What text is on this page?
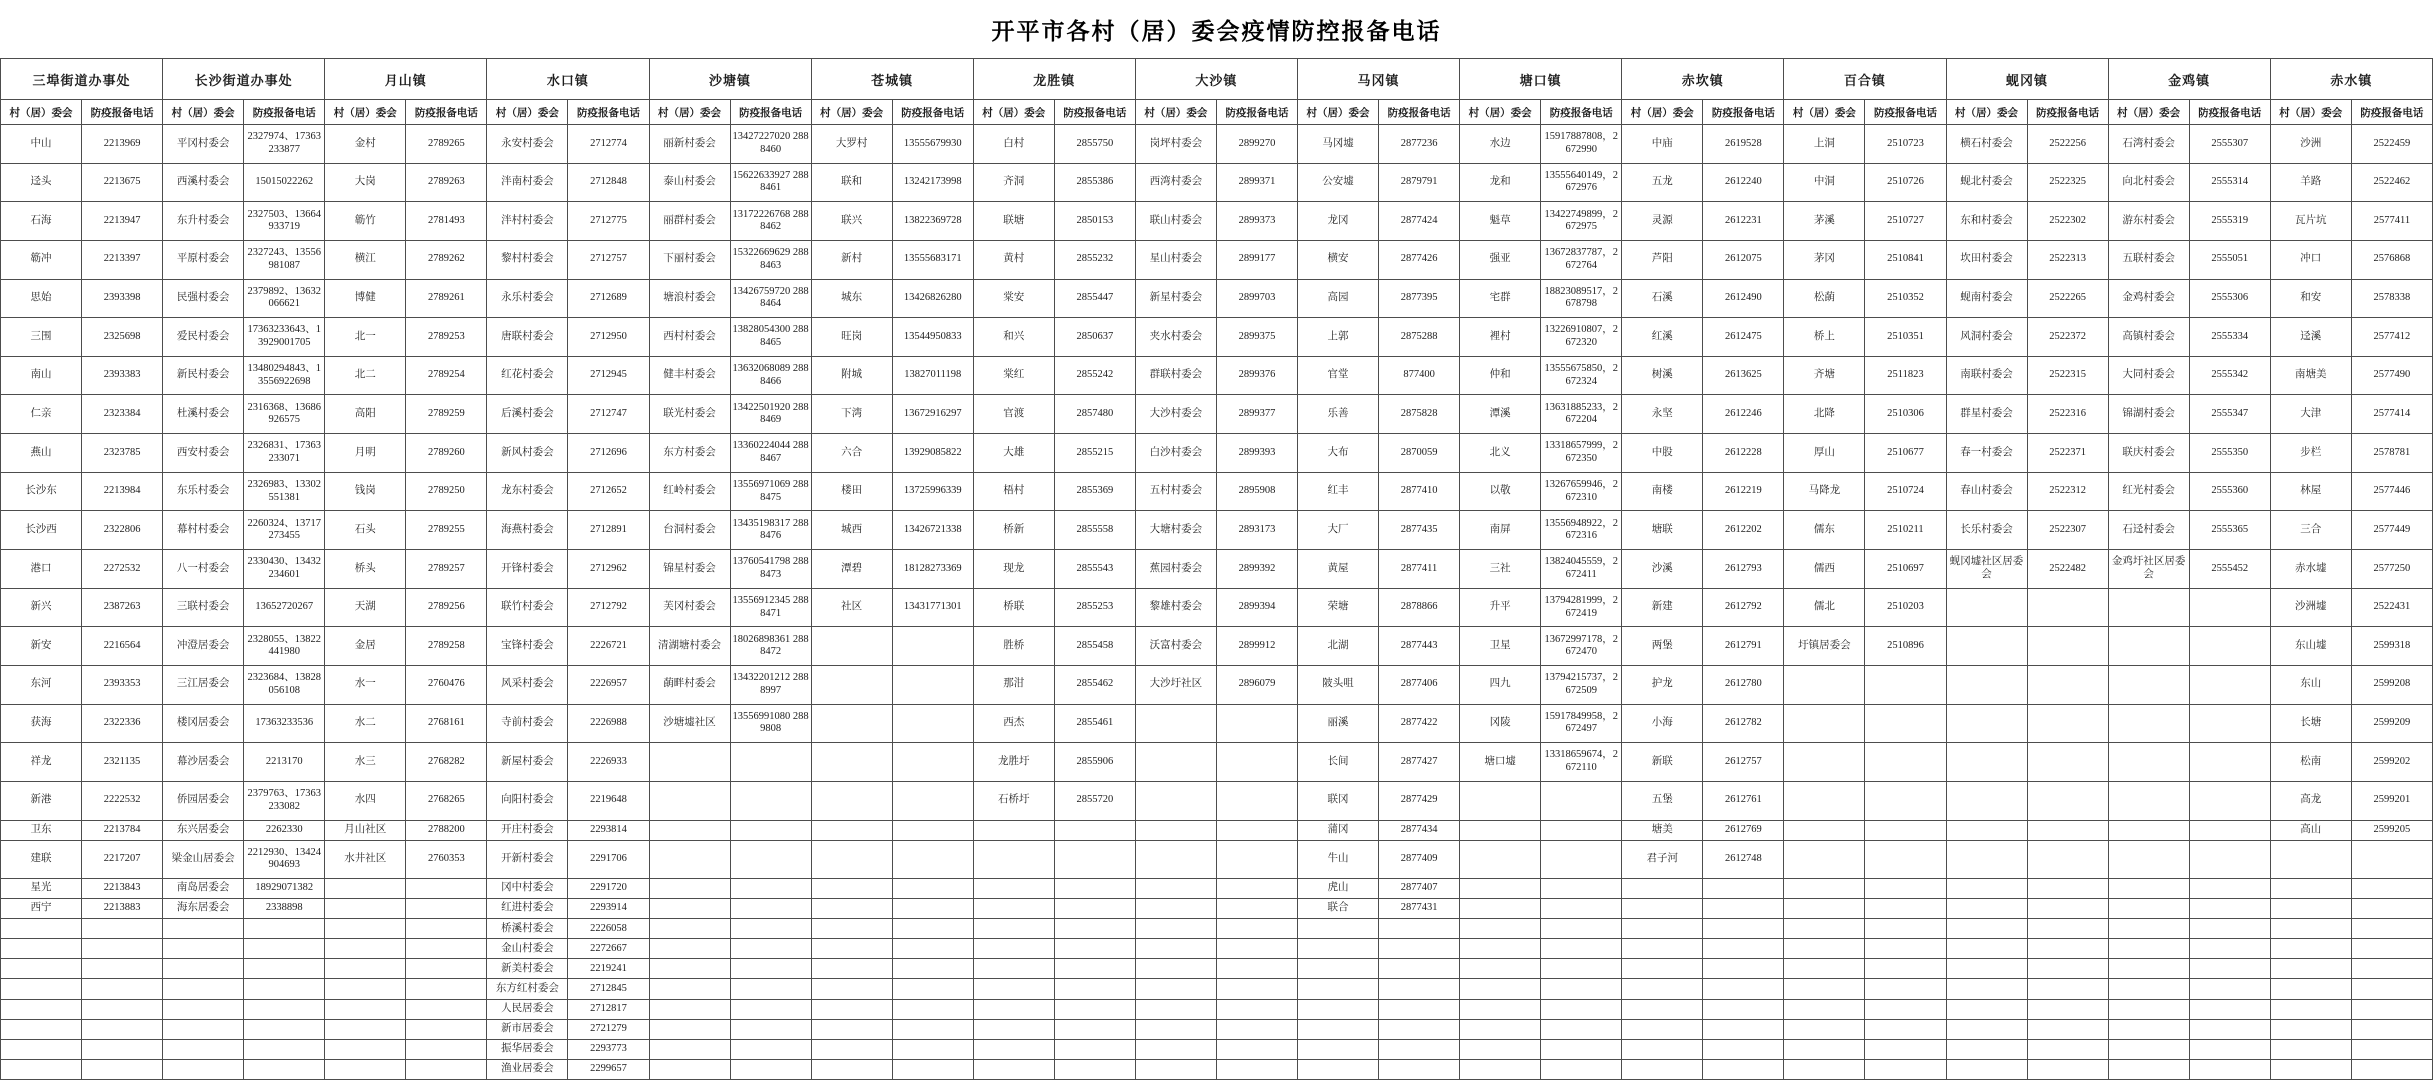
开平市各村（居）委会疫情防控报备电话
三埠街道办事处		长沙街道办事处		月山镇		水口镇		沙塘镇		苍城镇		龙胜镇		大沙镇		马冈镇		塘口镇		赤坎镇		百合镇		蚬冈镇		金鸡镇		赤水镇	
村（居）委会	防疫报备电话	村（居）委会	防疫报备电话	村（居）委会	防疫报备电话	村（居）委会	防疫报备电话	村（居）委会	防疫报备电话	村（居）委会	防疫报备电话	村（居）委会	防疫报备电话	村（居）委会	防疫报备电话	村（居）委会	防疫报备电话	村（居）委会	防疫报备电话	村（居）委会	防疫报备电话	村（居）委会	防疫报备电话	村（居）委会	防疫报备电话	村（居）委会	防疫报备电话	村（居）委会	防疫报备电话
中山	2213969	平冈村委会	2327974、17363233877	金村	2789265	永安村委会	2712774	丽新村委会	13427227020 2888460	大罗村	13555679930	白村	2855750	岗坪村委会	2899270	马冈墟	2877236	水边	15917887808，2672990	中庙	2619528	上洞	2510723	横石村委会	2522256	石湾村委会	2555307	沙洲	2522459
迳头	2213675	西溪村委会	15015022262	大岗	2789263	泮南村委会	2712848	泰山村委会	15622633927 2888461	联和	13242173998	齐洞	2855386	西湾村委会	2899371	公安墟	2879791	龙和	13555640149，2672976	五龙	2612240	中洞	2510726	蚬北村委会	2522325	向北村委会	2555314	羊路	2522462
石海	2213947	东升村委会	2327503、13664933719	簕竹	2781493	泮村村委会	2712775	丽群村委会	13172226768 2888462	联兴	13822369728	联塘	2850153	联山村委会	2899373	龙冈	2877424	魁草	13422749899，2672975	灵源	2612231	茅溪	2510727	东和村委会	2522302	游东村委会	2555319	瓦片坑	2577411
簕冲	2213397	平原村委会	2327243、13556981087	横江	2789262	黎村村委会	2712757	下丽村委会	15322669629 2888463	新村	13555683171	黄村	2855232	星山村委会	2899177	横安	2877426	强亚	13672837787，2672764	芦阳	2612075	茅冈	2510841	坎田村委会	2522313	五联村委会	2555051	冲口	2576868
思始	2393398	民强村委会	2379892、13632066621	博健	2789261	永乐村委会	2712689	塘浪村委会	13426759720 2888464	城东	13426826280	棠安	2855447	新星村委会	2899703	高园	2877395	宅群	18823089517，2678798	石溪	2612490	松蓢	2510352	蚬南村委会	2522265	金鸡村委会	2555306	和安	2578338
三围	2325698	爱民村委会	17363233643、13929001705	北一	2789253	唐联村委会	2712950	西村村委会	13828054300 2888465	旺岗	13544950833	和兴	2850637	夹水村委会	2899375	上郭	2875288	裡村	13226910807，2672320	红溪	2612475	桥上	2510351	风洞村委会	2522372	高镇村委会	2555334	迳溪	2577412
南山	2393383	新民村委会	13480294843、13556922698	北二	2789254	红花村委会	2712945	健丰村委会	13632068089 2888466	附城	13827011198	棠红	2855242	群联村委会	2899376	官堂	877400	仲和	13555675850，2672324	树溪	2613625	齐塘	2511823	南联村委会	2522315	大同村委会	2555342	南塘美	2577490
仁亲	2323384	杜溪村委会	2316368、13686926575	高阳	2789259	后溪村委会	2712747	联光村委会	13422501920 2888469	下湾	13672916297	官渡	2857480	大沙村委会	2899377	乐善	2875828	潭溪	13631885233，2672204	永坚	2612246	北降	2510306	群星村委会	2522316	锦湖村委会	2555347	大津	2577414
燕山	2323785	西安村委会	2326831、17363233071	月明	2789260	新风村委会	2712696	东方村委会	13360224044 2888467	六合	13929085822	大雄	2855215	白沙村委会	2899393	大布	2870059	北义	13318657999，2672350	中股	2612228	厚山	2510677	春一村委会	2522371	联庆村委会	2555350	步栏	2578781
长沙东	2213984	东乐村委会	2326983、13302551381	钱岗	2789250	龙东村委会	2712652	红岭村委会	13556971069 2888475	楼田	13725996339	梧村	2855369	五村村委会	2895908	红丰	2877410	以敬	13267659946，2672310	南楼	2612219	马降龙	2510724	春山村委会	2522312	红光村委会	2555360	林屋	2577446
长沙西	2322806	幕村村委会	2260324、13717273455	石头	2789255	海燕村委会	2712891	台洞村委会	13435198317 2888476	城西	13426721338	桥新	2855558	大塘村委会	2893173	大厂	2877435	南屏	13556948922，2672316	塘联	2612202	儒东	2510211	长乐村委会	2522307	石迳村委会	2555365	三合	2577449
港口	2272532	八一村委会	2330430、13432234601	桥头	2789257	开锋村委会	2712962	锦星村委会	13760541798 2888473	潭碧	18128273369	现龙	2855543	蕉园村委会	2899392	黄屋	2877411	三社	13824045559，2672411	沙溪	2612793	儒西	2510697	蚬冈墟社区居委会	2522482	金鸡圩社区居委会	2555452	赤水墟	2577250
新兴	2387263	三联村委会	13652720267	天湖	2789256	联竹村委会	2712792	芙冈村委会	13556912345 2888471	社区	13431771301	桥联	2855253	黎雄村委会	2899394	荣塘	2878866	升平	13794281999，2672419	新建	2612792	儒北	2510203					沙洲墟	2522431
新安	2216564	冲澄居委会	2328055、13822441980	金居	2789258	宝锋村委会	2226721	清湖塘村委会	18026898361 2888472			胜桥	2855458	沃富村委会	2899912	北湖	2877443	卫星	13672997178，2672470	两堡	2612791	圩镇居委会	2510896					东山墟	2599318
东河	2393353	三江居委会	2323684、13828056108	水一	2760476	风采村委会	2226957	蓢畔村委会	13432201212 2888997			那泔	2855462	大沙圩社区	2896079	陂头咀	2877406	四九	13794215737，2672509	护龙	2612780							东山	2599208
获海	2322336	楼冈居委会	17363233536	水二	2768161	寺前村委会	2226988	沙塘墟社区	13556991080 2889808			西杰	2855461			丽溪	2877422	冈陵	15917849958，2672497	小海	2612782							长塘	2599209
祥龙	2321135	幕沙居委会	2213170	水三	2768282	新屋村委会	2226933					龙胜圩	2855906			长间	2877427	塘口墟	13318659674，2672110	新联	2612757							松南	2599202
新港	2222532	侨园居委会	2379763、17363233082	水四	2768265	向阳村委会	2219648					石桥圩	2855720			联冈	2877429			五堡	2612761							高龙	2599201
卫东	2213784	东兴居委会	2262330	月山社区	2788200	开庄村委会	2293814									蒲冈	2877434			塘美	2612769							高山	2599205
建联	2217207	梁金山居委会	2212930、13424904693	水井社区	2760353	开新村委会	2291706									牛山	2877409			君子河	2612748								
星光	2213843	南岛居委会	18929071382			冈中村委会	2291720									虎山	2877407												
西宁	2213883	海东居委会	2338898			红进村委会	2293914									联合	2877431												
						桥溪村委会	2226058																						
						金山村委会	2272667																						
						新美村委会	2219241																						
						东方红村委会	2712845																						
						人民居委会	2712817																						
						新市居委会	2721279																						
						振华居委会	2293773																						
						渔业居委会	2299657																						
